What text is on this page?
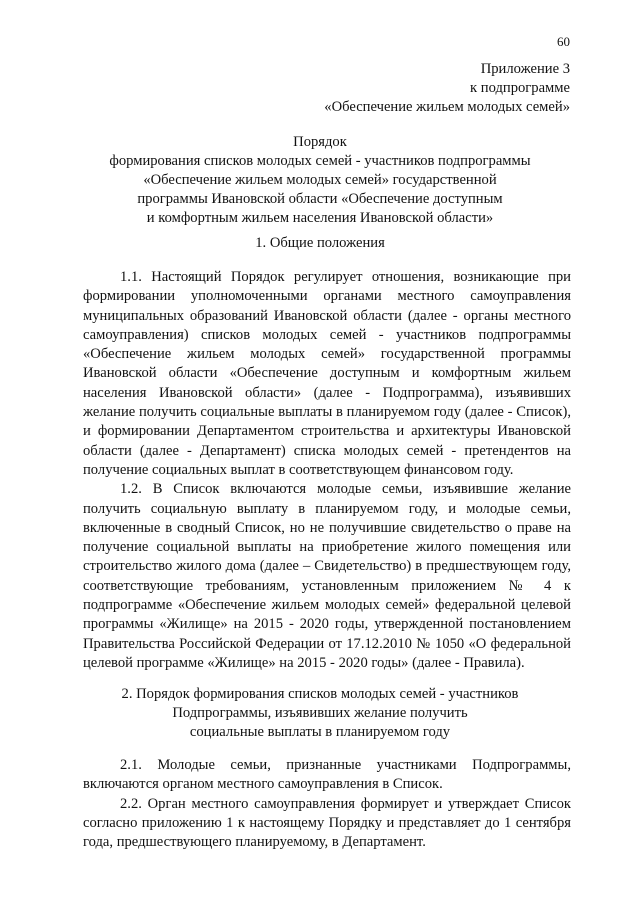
60
Приложение 3
к подпрограмме
«Обеспечение жильем молодых семей»
Порядок
формирования списков молодых семей - участников подпрограммы
«Обеспечение жильем молодых семей» государственной
программы Ивановской области «Обеспечение доступным
и комфортным жильем населения Ивановской области»
1. Общие положения

1.1. Настоящий Порядок регулирует отношения, возникающие при формировании уполномоченными органами местного самоуправления муниципальных образований Ивановской области (далее - органы местного самоуправления) списков молодых семей - участников подпрограммы «Обеспечение жильем молодых семей» государственной программы Ивановской области «Обеспечение доступным и комфортным жильем населения Ивановской области» (далее - Подпрограмма), изъявивших желание получить социальные выплаты в планируемом году (далее - Список), и формировании Департаментом строительства и архитектуры Ивановской области (далее - Департамент) списка молодых семей - претендентов на получение социальных выплат в соответствующем финансовом году.

1.2. В Список включаются молодые семьи, изъявившие желание получить социальную выплату в планируемом году, и молодые семьи, включенные в сводный Список, но не получившие свидетельство о праве на получение социальной выплаты на приобретение жилого помещения или строительство жилого дома (далее – Свидетельство) в предшествующем году, соответствующие требованиям, установленным приложением № 4 к подпрограмме «Обеспечение жильем молодых семей» федеральной целевой программы «Жилище» на 2015 - 2020 годы, утвержденной постановлением Правительства Российской Федерации от 17.12.2010 № 1050 «О федеральной целевой программе «Жилище» на 2015 - 2020 годы» (далее - Правила).

2. Порядок формирования списков молодых семей - участников
Подпрограммы, изъявивших желание получить
социальные выплаты в планируемом году

2.1. Молодые семьи, признанные участниками Подпрограммы, включаются органом местного самоуправления в Список.

2.2. Орган местного самоуправления формирует и утверждает Список согласно приложению 1 к настоящему Порядку и представляет до 1 сентября года, предшествующего планируемому, в Департамент.
